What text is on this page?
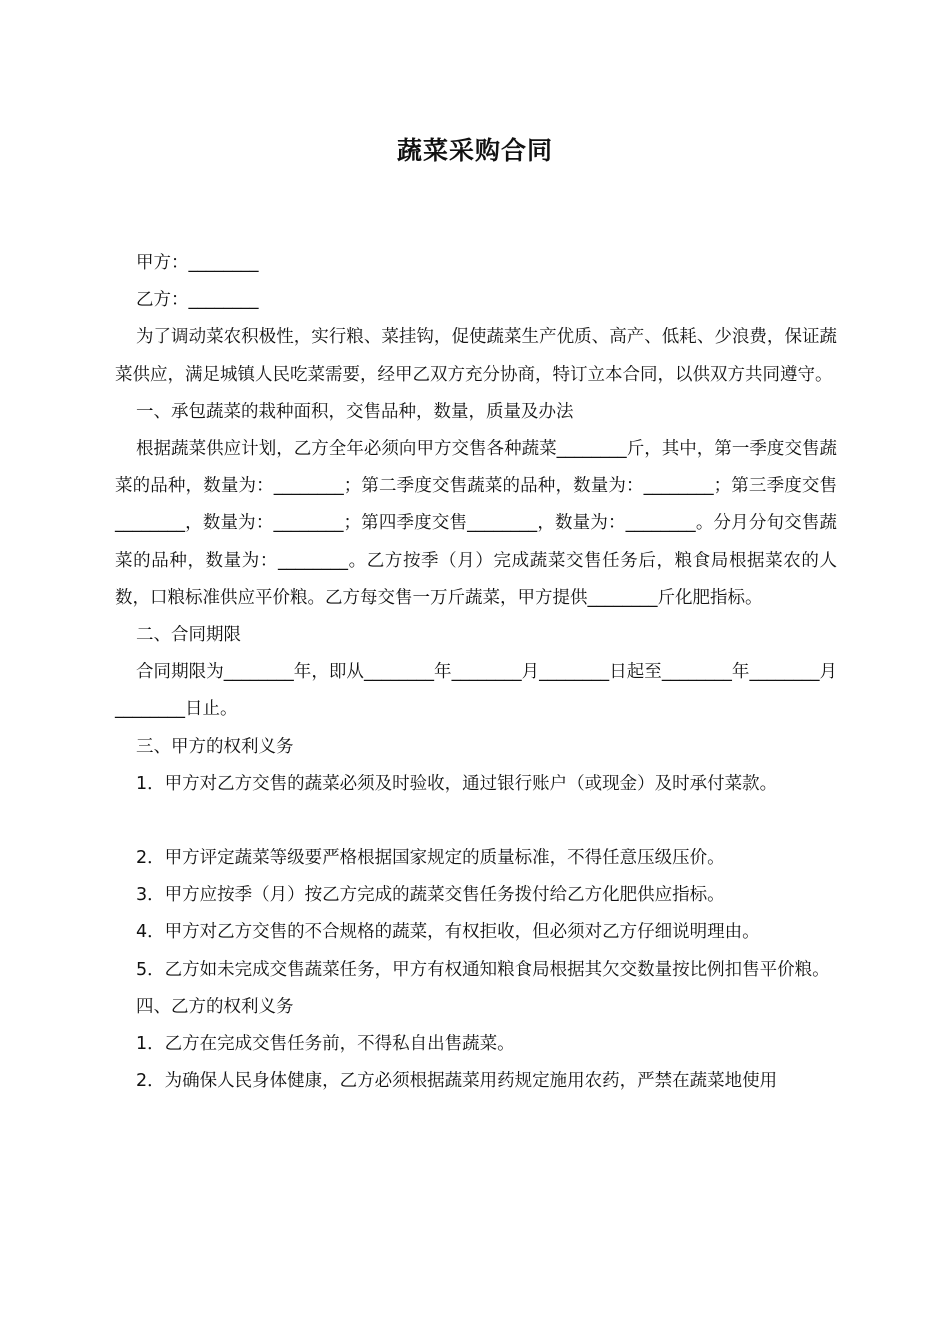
蔬菜采购合同

甲方：________

乙方：________

为了调动菜农积极性，实行粮、菜挂钩，促使蔬菜生产优质、高产、低耗、少浪费，保证蔬菜供应，满足城镇人民吃菜需要，经甲乙双方充分协商，特订立本合同，以供双方共同遵守。

一、承包蔬菜的栽种面积，交售品种，数量，质量及办法

根据蔬菜供应计划，乙方全年必须向甲方交售各种蔬菜________斤，其中，第一季度交售蔬菜的品种，数量为：________；第二季度交售蔬菜的品种，数量为：________；第三季度交售________，数量为：________；第四季度交售________，数量为：________。分月分旬交售蔬菜的品种，数量为：________。乙方按季（月）完成蔬菜交售任务后，粮食局根据菜农的人数，口粮标准供应平价粮。乙方每交售一万斤蔬菜，甲方提供________斤化肥指标。

二、合同期限

合同期限为________年，即从________年________月________日起至________年________月________日止。

三、甲方的权利义务

1．甲方对乙方交售的蔬菜必须及时验收，通过银行账户（或现金）及时承付菜款。

2．甲方评定蔬菜等级要严格根据国家规定的质量标准，不得任意压级压价。

3．甲方应按季（月）按乙方完成的蔬菜交售任务拨付给乙方化肥供应指标。

4．甲方对乙方交售的不合规格的蔬菜，有权拒收，但必须对乙方仔细说明理由。

5．乙方如未完成交售蔬菜任务，甲方有权通知粮食局根据其欠交数量按比例扣售平价粮。

四、乙方的权利义务

1．乙方在完成交售任务前，不得私自出售蔬菜。

2．为确保人民身体健康，乙方必须根据蔬菜用药规定施用农药，严禁在蔬菜地使用
